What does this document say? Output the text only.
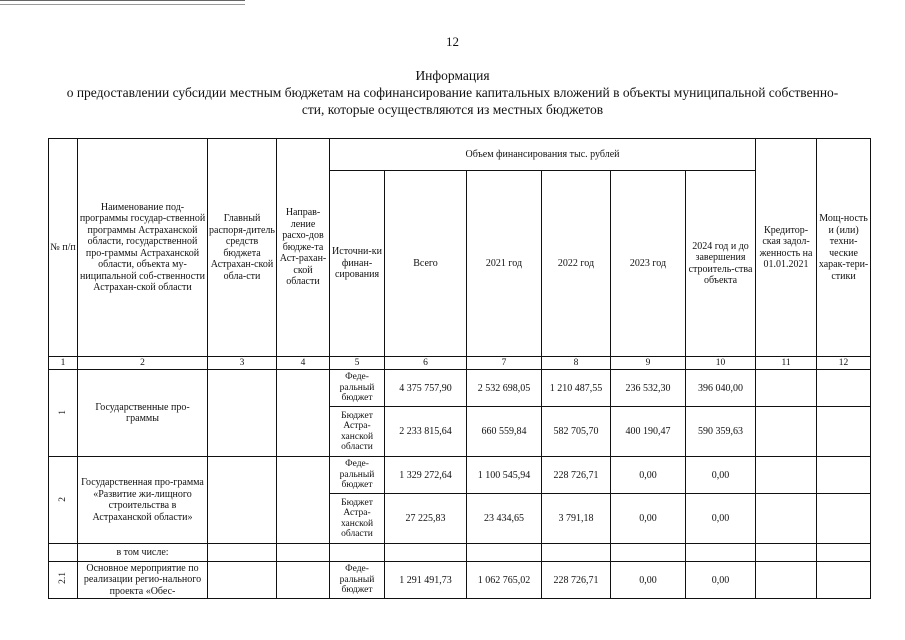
12
Информация
о предоставлении субсидии местным бюджетам на софинансирование капитальных вложений в объекты муниципальной собственно-
сти, которые осуществляются из местных бюджетов
№ п/п	Наименование под-программы государ-ственной программы Астраханской области, государственной про-граммы Астраханской области, объекта му-ниципальной соб-ственности Астрахан-ской области	Главный распоря-дитель средств бюджета Астрахан-ской обла-сти	Направ-ление расхо-дов бюдже-та Аст-рахан-ской области	Объем финансирования тыс. рублей						Кредитор-ская задол-женность на 01.01.2021	Мощ-ность и (или) техни-ческие харак-тери-стики
				Источни-ки финан-сирования	Всего	2021 год	2022 год	2023 год	2024 год и до завершения строитель-ства объекта		
1	2	3	4	5	6	7	8	9	10	11	12
1	Государственные про-граммы			Феде-ральный бюджет	4 375 757,90	2 532 698,05	1 210 487,55	236 532,30	396 040,00		
				Бюджет Астра-ханской области	2 233 815,64	660 559,84	582 705,70	400 190,47	590 359,63		
2	Государственная про-грамма «Развитие жи-лищного строительства в Астраханской области»			Феде-ральный бюджет	1 329 272,64	1 100 545,94	228 726,71	0,00	0,00		
				Бюджет Астра-ханской области	27 225,83	23 434,65	3 791,18	0,00	0,00		
	в том числе:										
2.1	Основное мероприятие по реализации регио-нального проекта «Обес-			Феде-ральный бюджет	1 291 491,73	1 062 765,02	228 726,71	0,00	0,00		
